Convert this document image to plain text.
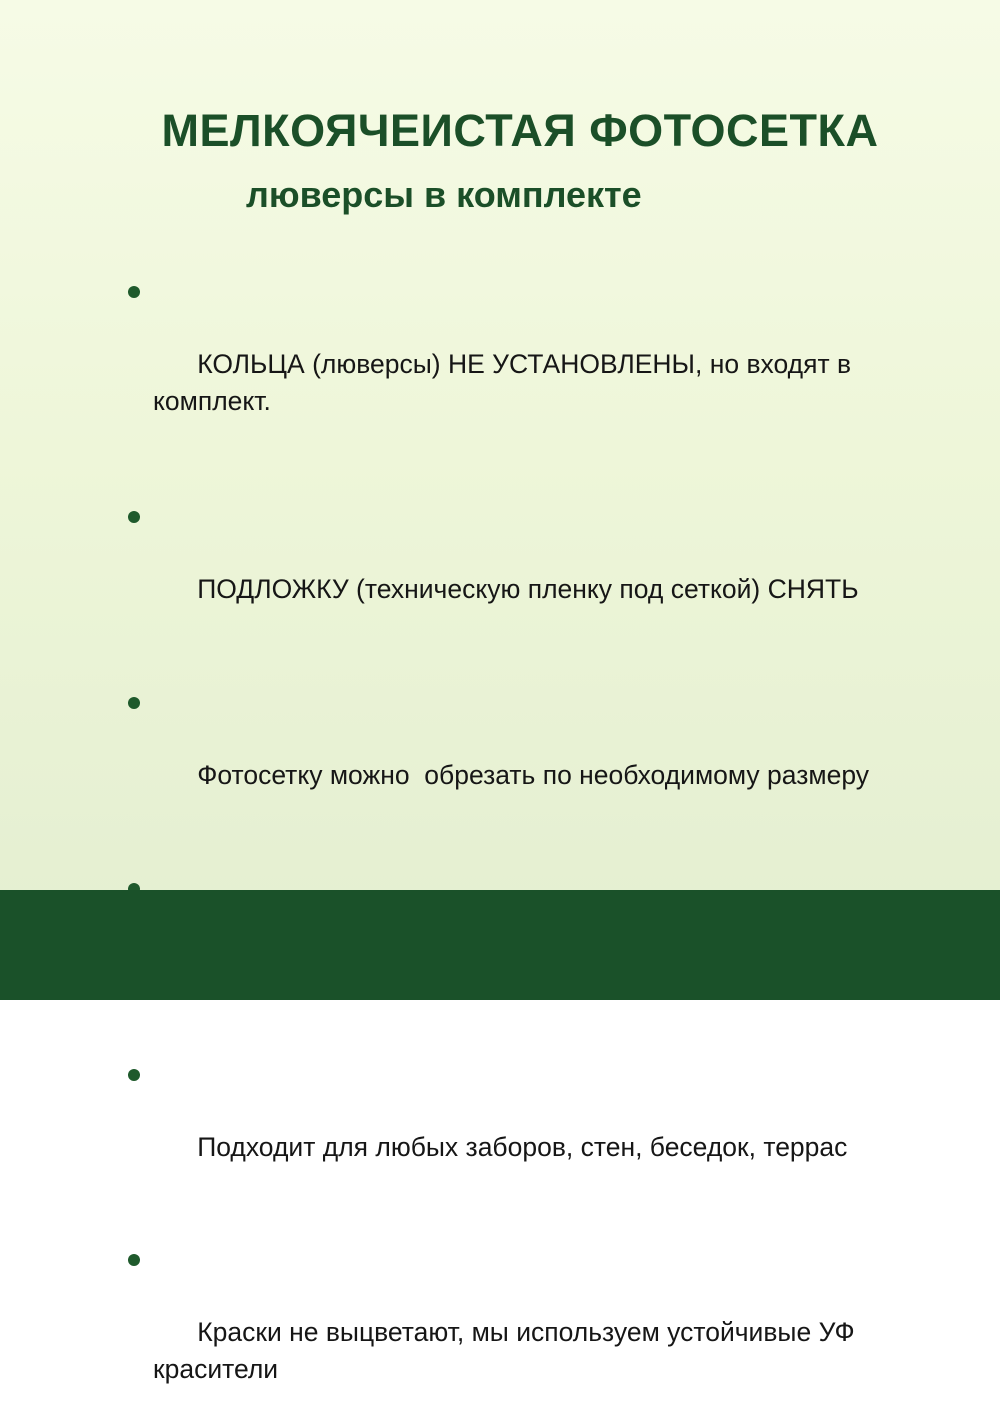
МЕЛКОЯЧЕИСТАЯ ФОТОСЕТКА
люверсы в комплекте

КОЛЬЦА (люверсы) НЕ УСТАНОВЛЕНЫ, но входят в комплект.

ПОДЛОЖКУ (техническую пленку под сеткой) СНЯТЬ

Фотосетку можно  обрезать по необходимому размеру

Подходит для любых заборов, стен, беседок, террас

Краски не выцветают, мы используем устойчивые УФ красители
